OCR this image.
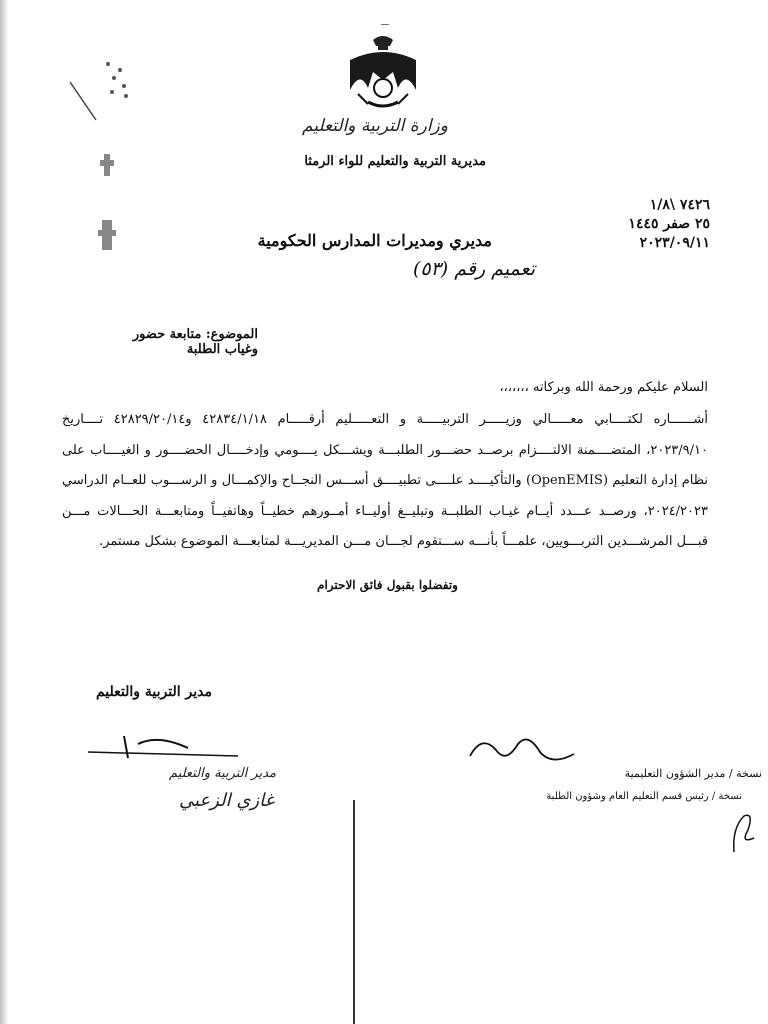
ـــ
وزارة التربية والتعليم
مديرية التربية والتعليم للواء الرمثا
٧٤٢٦ \١/٨
٢٥ صفر ١٤٤٥
٢٠٢٣/٠٩/١١
مديري ومديرات المدارس الحكومية
تعميم رقم (٥٣)
الموضوع: متابعة حضور وغياب الطلبة
السلام عليكم ورحمة الله وبركاته ،،،،،،،

أشــــــاره لكتــــابي معـــــالي وزيـــــر التربيـــــة و التعـــــليم أرقـــــام ٤٢٨٣٤/١/١٨ و٤٢٨٢٩/٢٠/١٤ تــــاريخ ٢٠٢٣/٩/١٠، المتضــــمنة الالتــــزام برصــد حضـــور الطلبـــة ويشـــكل يــــومي وإدخــــال الحضــــور و الغيــــاب على نظام إدارة التعليم (OpenEMIS) والتأكيــــد علــــى تطبيــــق أســـس النجــاح والإكمـــال و الرســـوب للعــام الدراسي ٢٠٢٤/٢٠٢٣، ورصــد عـــدد أيــام غيـاب الطلبــة وتبليــغ أوليــاء أمــورهم خطيــاً وهاتفيــاً ومتابعـــة الحـــالات مـــن قبـــل المرشـــدين التربـــويين، علمـــاً بأنـــه ســـتقوم لجـــان مـــن المديريـــة لمتابعـــة الموضوع بشكل مستمر.

وتفضلوا بقبول فائق الاحترام
مدير التربية والتعليم
مدير التربية والتعليم
غازي الزعبي
نسخة / مدير الشؤون التعليمية
نسخة / رئيس قسم التعليم العام وشؤون الطلبة
